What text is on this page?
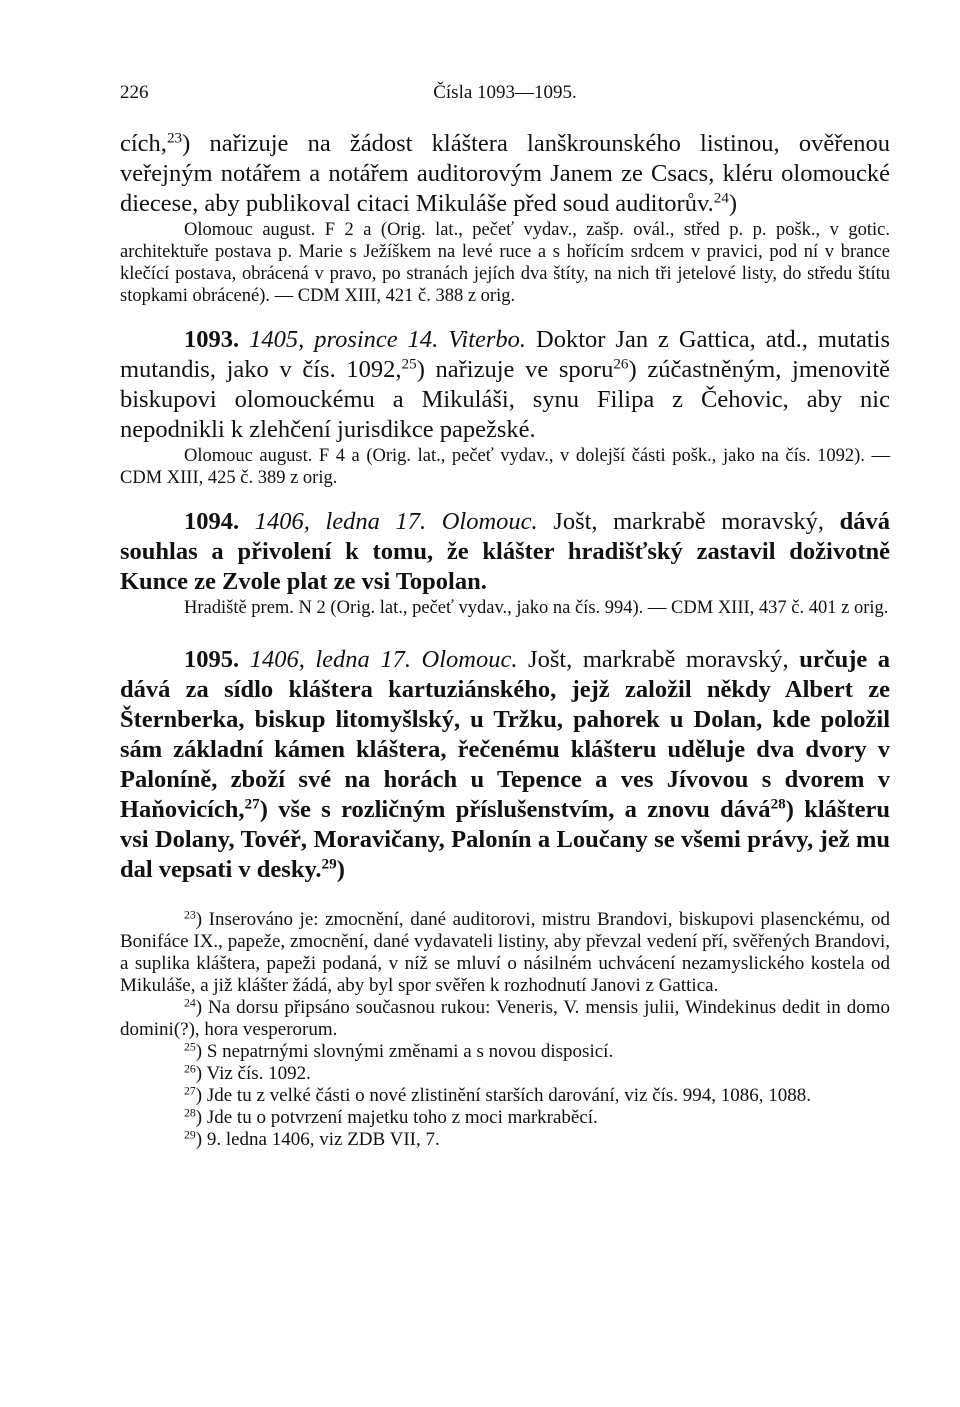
226	Čísla 1093—1095.

cích,$^{23}$) nařizuje na žádost kláštera lanškrounského listinou, ověřenou veřejným notářem a notářem auditorovým Janem ze Csacs, kléru olomoucké diecese, aby publikoval citaci Mikuláše před soud auditorův.$^{24}$)

Olomouc august. F 2 a (Orig. lat., pečeť vydav., zašp. ovál., střed p. p. pošk., v gotic. architektuře postava p. Marie s Ježíškem na levé ruce a s hořícím srdcem v pravici, pod ní v brance klečící postava, obrácená v pravo, po stranách jejích dva štíty, na nich tři jetelové listy, do středu štítu stopkami obrácené). — CDM XIII, 421 č. 388 z orig.

1093. 1405, prosince 14. Viterbo. Doktor Jan z Gattica, atd., mutatis mutandis, jako v čís. 1092,25) nařizuje ve sporu$^{26}$) zúčastněným, jmenovitě biskupovi olomouckému a Mikuláši, synu Filipa z Čehovic, aby nic nepodnikli k zlehčení jurisdikce papežské.

Olomouc august. F 4 a (Orig. lat., pečeť vydav., v dolejší části pošk., jako na čís. 1092). — CDM XIII, 425 č. 389 z orig.

1094. 1406, ledna 17. Olomouc. Jošt, markrabě moravský, dává souhlas a přivolení k tomu, že klášter hradišťský zastavil doživotně Kunce ze Zvole plat ze vsi Topolan.

Hradiště prem. N 2 (Orig. lat., pečeť vydav., jako na čís. 994). — CDM XIII, 437 č. 401 z orig.

1095. 1406, ledna 17. Olomouc. Jošt, markrabě moravský, určuje a dává za sídlo kláštera kartuziánského, jejž založil někdy Albert ze Šternberka, biskup litomyšlský, u Tržku, pahorek u Dolan, kde položil sám základní kámen kláštera, řečenému klášteru uděluje dva dvory v Paloníně, zboží své na horách u Tepence a ves Jívovou s dvorem v Haňovicích,$^{27}$) vše s rozličným příslušenstvím, a znovu dává$^{28}$) klášteru vsi Dolany, Tovéř, Moravičany, Palonín a Loučany se všemi právy, jež mu dal vepsati v desky.$^{29}$)

$^{23}$) Inserováno je: zmocnění, dané auditorovi, mistru Brandovi, biskupovi plasenckému, od Bonifáce IX., papeže, zmocnění, dané vydavateli listiny, aby převzal vedení pří, svěřených Brandovi, a suplika kláštera, papeži podaná, v níž se mluví o násilném uchvácení nezamyslického kostela od Mikuláše, a již klášter žádá, aby byl spor svěřen k rozhodnutí Janovi z Gattica.

$^{24}$) Na dorsu připsáno současnou rukou: Veneris, V. mensis julii, Windekinus dedit in domo domini(?), hora vesperorum.

$^{25}$) S nepatrnými slovnými změnami a s novou disposicí.

$^{26}$) Viz čís. 1092.

$^{27}$) Jde tu z velké části o nové zlistinění starších darování, viz čís. 994, 1086, 1088.

$^{28}$) Jde tu o potvrzení majetku toho z moci markraběcí.

$^{29}$) 9. ledna 1406, viz ZDB VII, 7.
